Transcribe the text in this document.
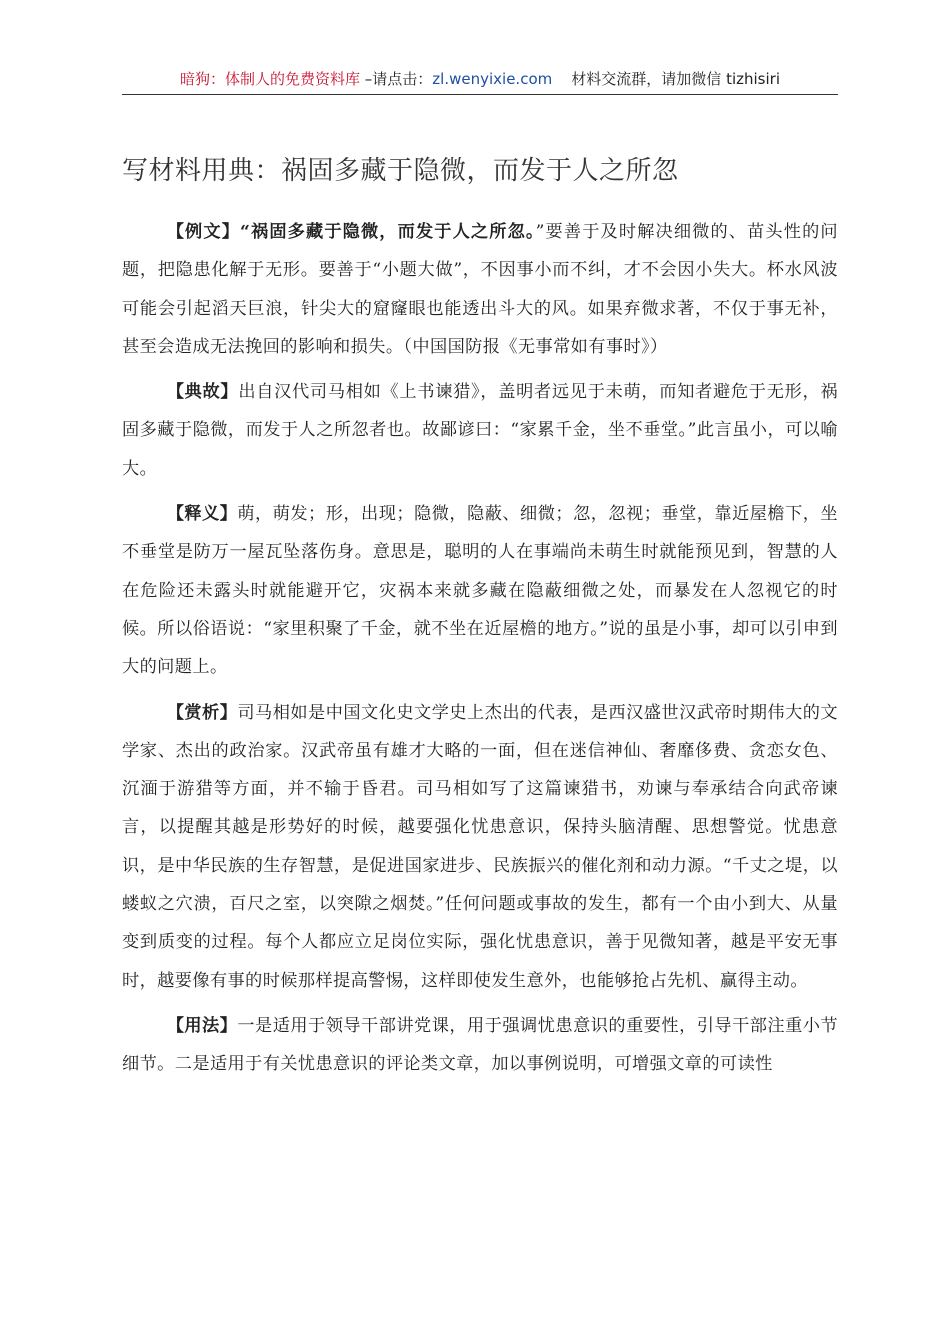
暗狗：体制人的免费资料库 –请点击：zl.wenyixie.com    材料交流群，请加微信 tizhisiri
写材料用典：祸固多藏于隐微，而发于人之所忽

【例文】“祸固多藏于隐微，而发于人之所忽。”要善于及时解决细微的、苗头性的问题，把隐患化解于无形。要善于“小题大做”，不因事小而不纠，才不会因小失大。杯水风波可能会引起滔天巨浪，针尖大的窟窿眼也能透出斗大的风。如果弃微求著，不仅于事无补，甚至会造成无法挽回的影响和损失。（中国国防报《无事常如有事时》）

【典故】出自汉代司马相如《上书谏猎》，盖明者远见于未萌，而知者避危于无形，祸固多藏于隐微，而发于人之所忽者也。故鄙谚曰：“家累千金，坐不垂堂。”此言虽小，可以喻大。

【释义】萌，萌发；形，出现；隐微，隐蔽、细微；忽，忽视；垂堂，靠近屋檐下，坐不垂堂是防万一屋瓦坠落伤身。意思是，聪明的人在事端尚未萌生时就能预见到，智慧的人在危险还未露头时就能避开它，灾祸本来就多藏在隐蔽细微之处，而暴发在人忽视它的时候。所以俗语说：“家里积聚了千金，就不坐在近屋檐的地方。”说的虽是小事，却可以引申到大的问题上。

【赏析】司马相如是中国文化史文学史上杰出的代表，是西汉盛世汉武帝时期伟大的文学家、杰出的政治家。汉武帝虽有雄才大略的一面，但在迷信神仙、奢靡侈费、贪恋女色、沉湎于游猎等方面，并不输于昏君。司马相如写了这篇谏猎书，劝谏与奉承结合向武帝谏言，以提醒其越是形势好的时候，越要强化忧患意识，保持头脑清醒、思想警觉。忧患意识，是中华民族的生存智慧，是促进国家进步、民族振兴的催化剂和动力源。“千丈之堤，以蝼蚁之穴溃，百尺之室，以突隙之烟焚。”任何问题或事故的发生，都有一个由小到大、从量变到质变的过程。每个人都应立足岗位实际，强化忧患意识，善于见微知著，越是平安无事时，越要像有事的时候那样提高警惕，这样即使发生意外，也能够抢占先机、赢得主动。

【用法】一是适用于领导干部讲党课，用于强调忧患意识的重要性，引导干部注重小节细节。二是适用于有关忧患意识的评论类文章，加以事例说明，可增强文章的可读性
